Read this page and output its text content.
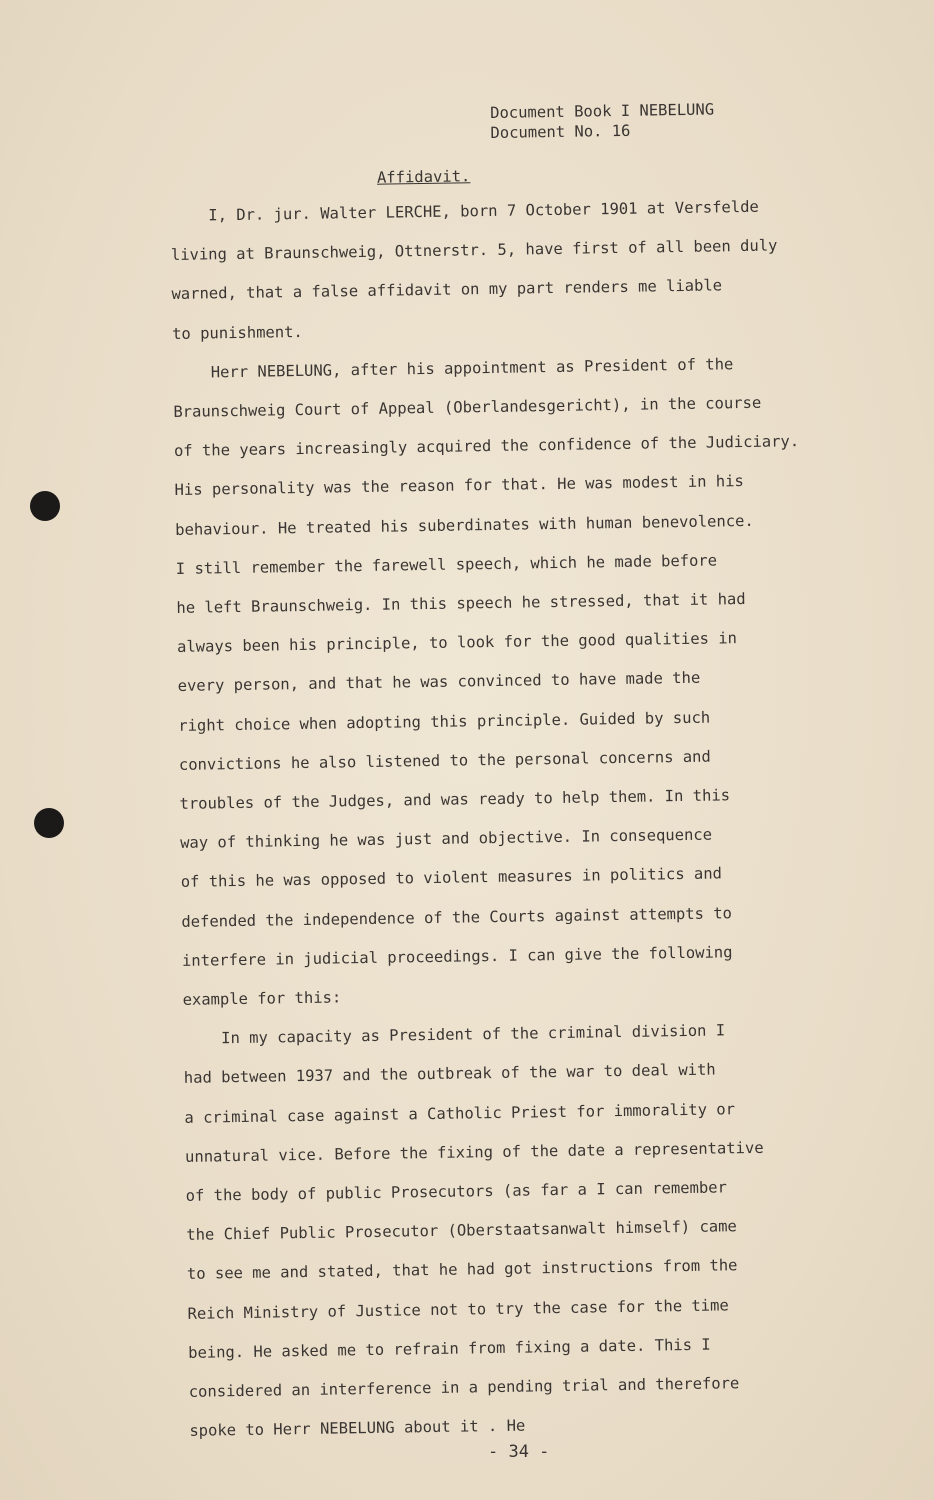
Document Book I NEBELUNG
Document No. 16
Affidavit.
I, Dr. jur. Walter LERCHE, born 7 October 1901 at Versfelde
living at Braunschweig, Ottnerstr. 5, have first of all been duly
warned, that a false affidavit on my part renders me liable
to punishment.
Herr NEBELUNG, after his appointment as President of the
Braunschweig Court of Appeal (Oberlandesgericht), in the course
of the years increasingly acquired the confidence of the Judiciary.
His personality was the reason for that. He was modest in his
behaviour. He treated his suberdinates with human benevolence.
I still remember the farewell speech, which he made before
he left Braunschweig. In this speech he stressed, that it had
always been his principle, to look for the good qualities in
every person, and that he was convinced to have made the
right choice when adopting this principle. Guided by such
convictions he also listened to the personal concerns and
troubles of the Judges, and was ready to help them. In this
way of thinking he was just and objective. In consequence
of this he was opposed to violent measures in politics and
defended the independence of the Courts against attempts to
interfere in judicial proceedings. I can give the following
example for this:
In my capacity as President of the criminal division I
had between 1937 and the outbreak of the war to deal with
a criminal case against a Catholic Priest for immorality or
unnatural vice. Before the fixing of the date a representative
of the body of public Prosecutors (as far a I can remember
the Chief Public Prosecutor (Oberstaatsanwalt himself) came
to see me and stated, that he had got instructions from the
Reich Ministry of Justice not to try the case for the time
being. He asked me to refrain from fixing a date. This I
considered an interference in a pending trial and therefore
spoke to Herr NEBELUNG about it . He
- 34 -
